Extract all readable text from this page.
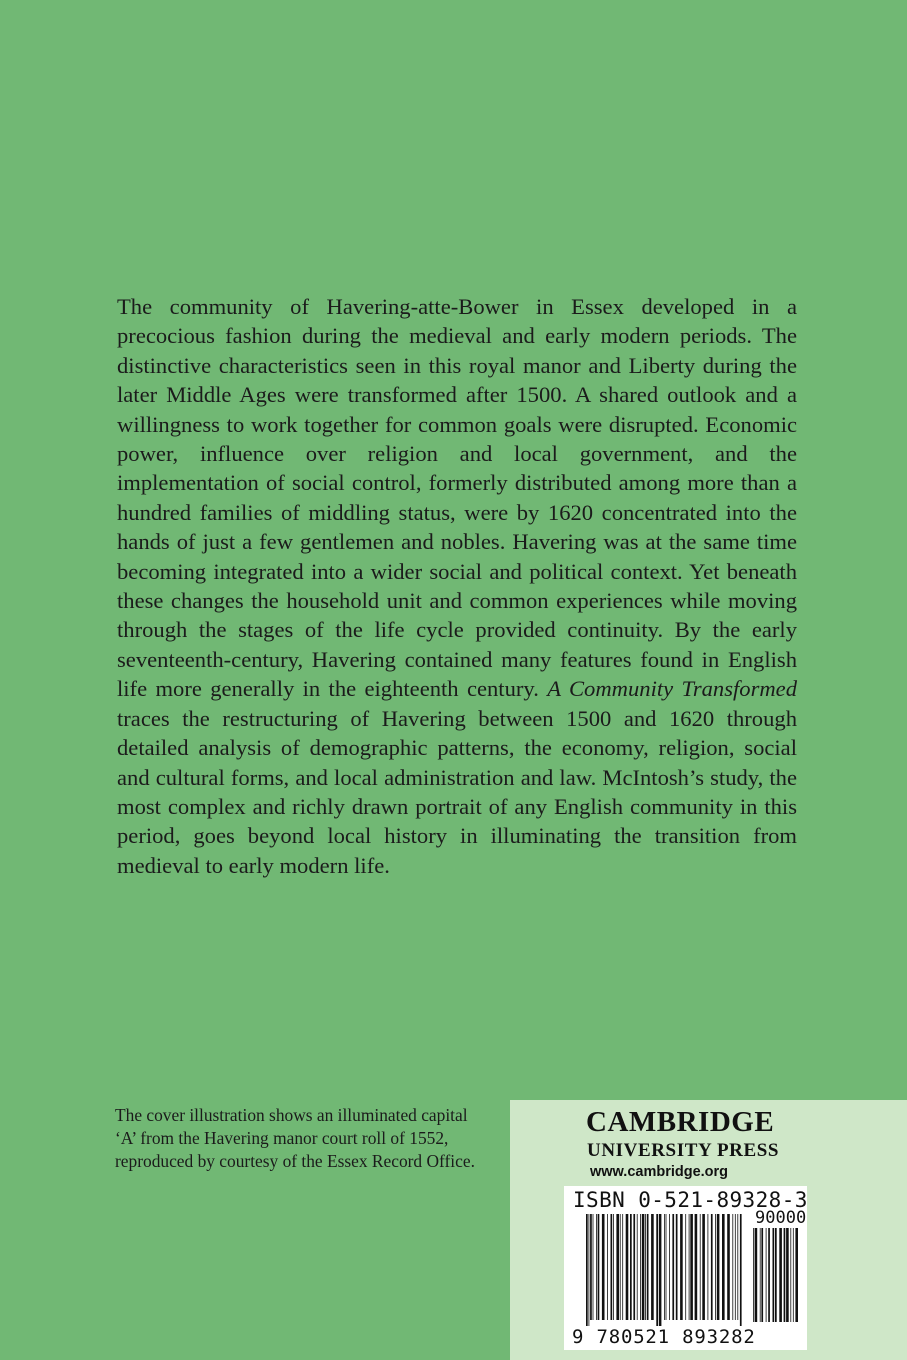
The community of Havering-atte-Bower in Essex developed in a precocious fashion during the medieval and early modern periods. The distinctive characteristics seen in this royal manor and Liberty during the later Middle Ages were transformed after 1500. A shared outlook and a willingness to work together for common goals were disrupted. Economic power, influence over religion and local government, and the implementation of social control, formerly distributed among more than a hundred families of middling status, were by 1620 concentrated into the hands of just a few gentlemen and nobles. Havering was at the same time becoming integrated into a wider social and political context. Yet beneath these changes the household unit and common experiences while moving through the stages of the life cycle provided continuity. By the early seventeenth-century, Havering contained many features found in English life more generally in the eighteenth century. A Community Transformed traces the restructuring of Havering between 1500 and 1620 through detailed analysis of demographic patterns, the economy, religion, social and cultural forms, and local administration and law. McIntosh’s study, the most complex and richly drawn portrait of any English community in this period, goes beyond local history in illuminating the transition from medieval to early modern life.

The cover illustration shows an illuminated capital ‘A’ from the Havering manor court roll of 1552, reproduced by courtesy of the Essex Record Office.

CAMBRIDGE

UNIVERSITY PRESS

www.cambridge.org

ISBN 0-521-89328-3
90000
9 780521 893282
